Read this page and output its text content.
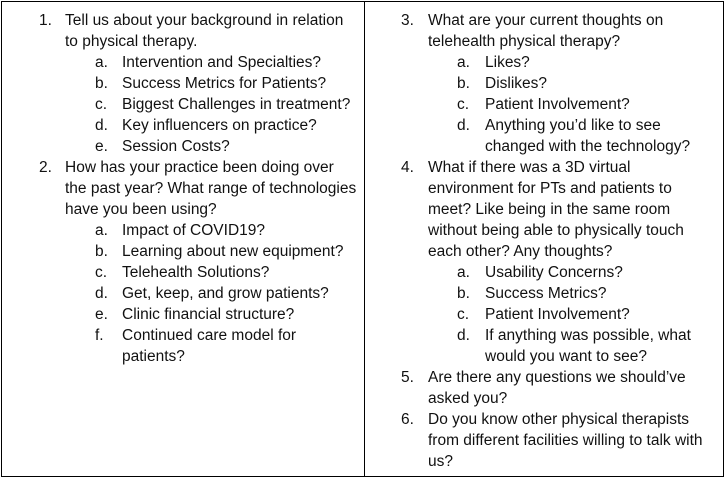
1. Tell us about your background in relation to physical therapy.
a. Intervention and Specialties?
b. Success Metrics for Patients?
c. Biggest Challenges in treatment?
d. Key influencers on practice?
e. Session Costs?
2. How has your practice been doing over the past year? What range of technologies have you been using?
a. Impact of COVID19?
b. Learning about new equipment?
c. Telehealth Solutions?
d. Get, keep, and grow patients?
e. Clinic financial structure?
f. Continued care model for patients?
3. What are your current thoughts on telehealth physical therapy?
a. Likes?
b. Dislikes?
c. Patient Involvement?
d. Anything you’d like to see changed with the technology?
4. What if there was a 3D virtual environment for PTs and patients to meet? Like being in the same room without being able to physically touch each other? Any thoughts?
a. Usability Concerns?
b. Success Metrics?
c. Patient Involvement?
d. If anything was possible, what would you want to see?
5. Are there any questions we should’ve asked you?
6. Do you know other physical therapists from different facilities willing to talk with us?
